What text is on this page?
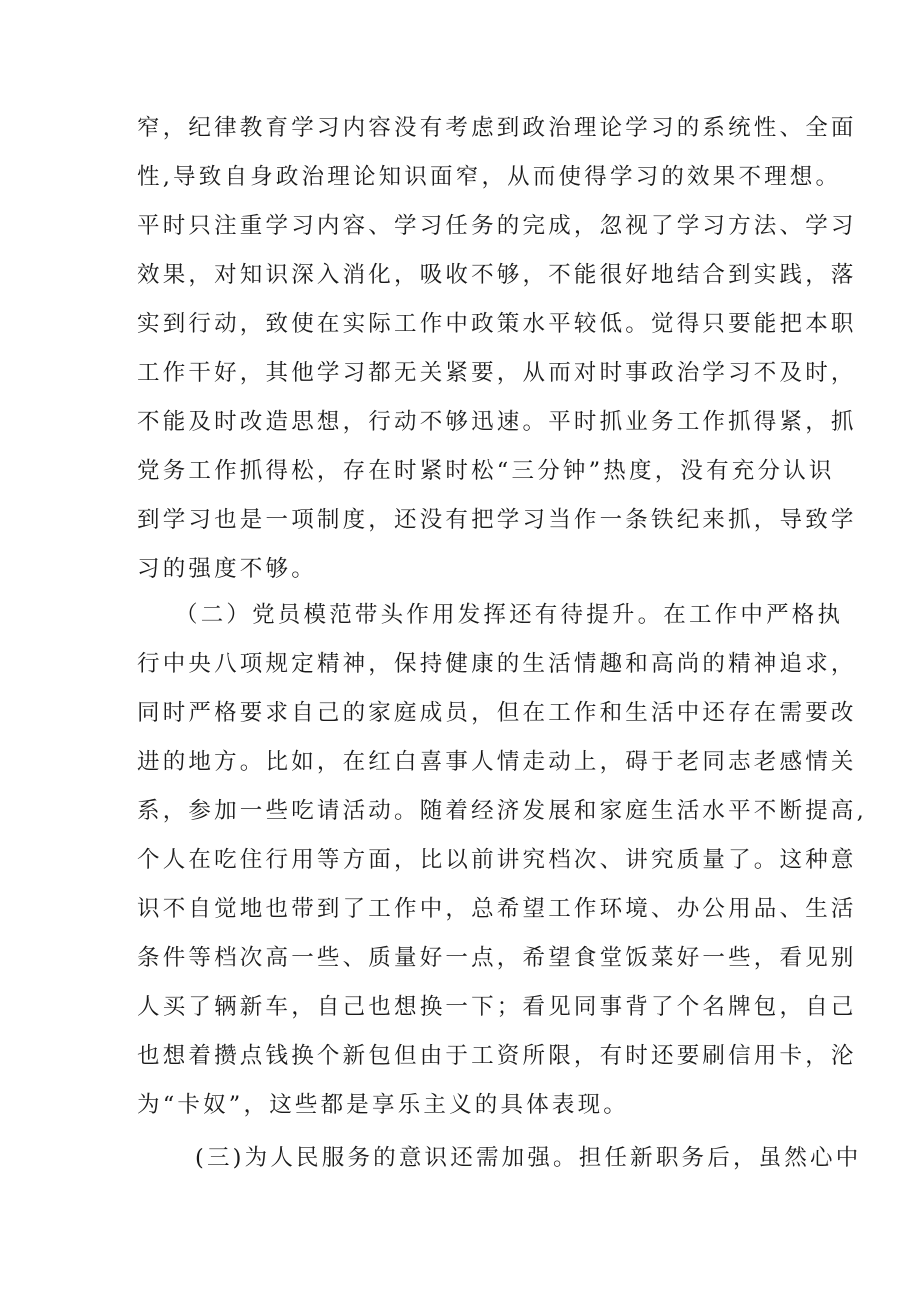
窄，纪律教育学习内容没有考虑到政治理论学习的系统性、全面
性,导致自身政治理论知识面窄，从而使得学习的效果不理想。
平时只注重学习内容、学习任务的完成，忽视了学习方法、学习
效果，对知识深入消化，吸收不够，不能很好地结合到实践，落
实到行动，致使在实际工作中政策水平较低。觉得只要能把本职
工作干好，其他学习都无关紧要，从而对时事政治学习不及时，
不能及时改造思想，行动不够迅速。平时抓业务工作抓得紧，抓
党务工作抓得松，存在时紧时松“三分钟”热度，没有充分认识
到学习也是一项制度，还没有把学习当作一条铁纪来抓，导致学
习的强度不够。
（二）党员模范带头作用发挥还有待提升。在工作中严格执
行中央八项规定精神，保持健康的生活情趣和高尚的精神追求，
同时严格要求自己的家庭成员，但在工作和生活中还存在需要改
进的地方。比如，在红白喜事人情走动上，碍于老同志老感情关
系，参加一些吃请活动。随着经济发展和家庭生活水平不断提高,
个人在吃住行用等方面，比以前讲究档次、讲究质量了。这种意
识不自觉地也带到了工作中，总希望工作环境、办公用品、生活
条件等档次高一些、质量好一点，希望食堂饭菜好一些，看见别
人买了辆新车，自己也想换一下；看见同事背了个名牌包，自己
也想着攒点钱换个新包但由于工资所限，有时还要刷信用卡，沦
为“卡奴”，这些都是享乐主义的具体表现。
(三)为人民服务的意识还需加强。担任新职务后，虽然心中
